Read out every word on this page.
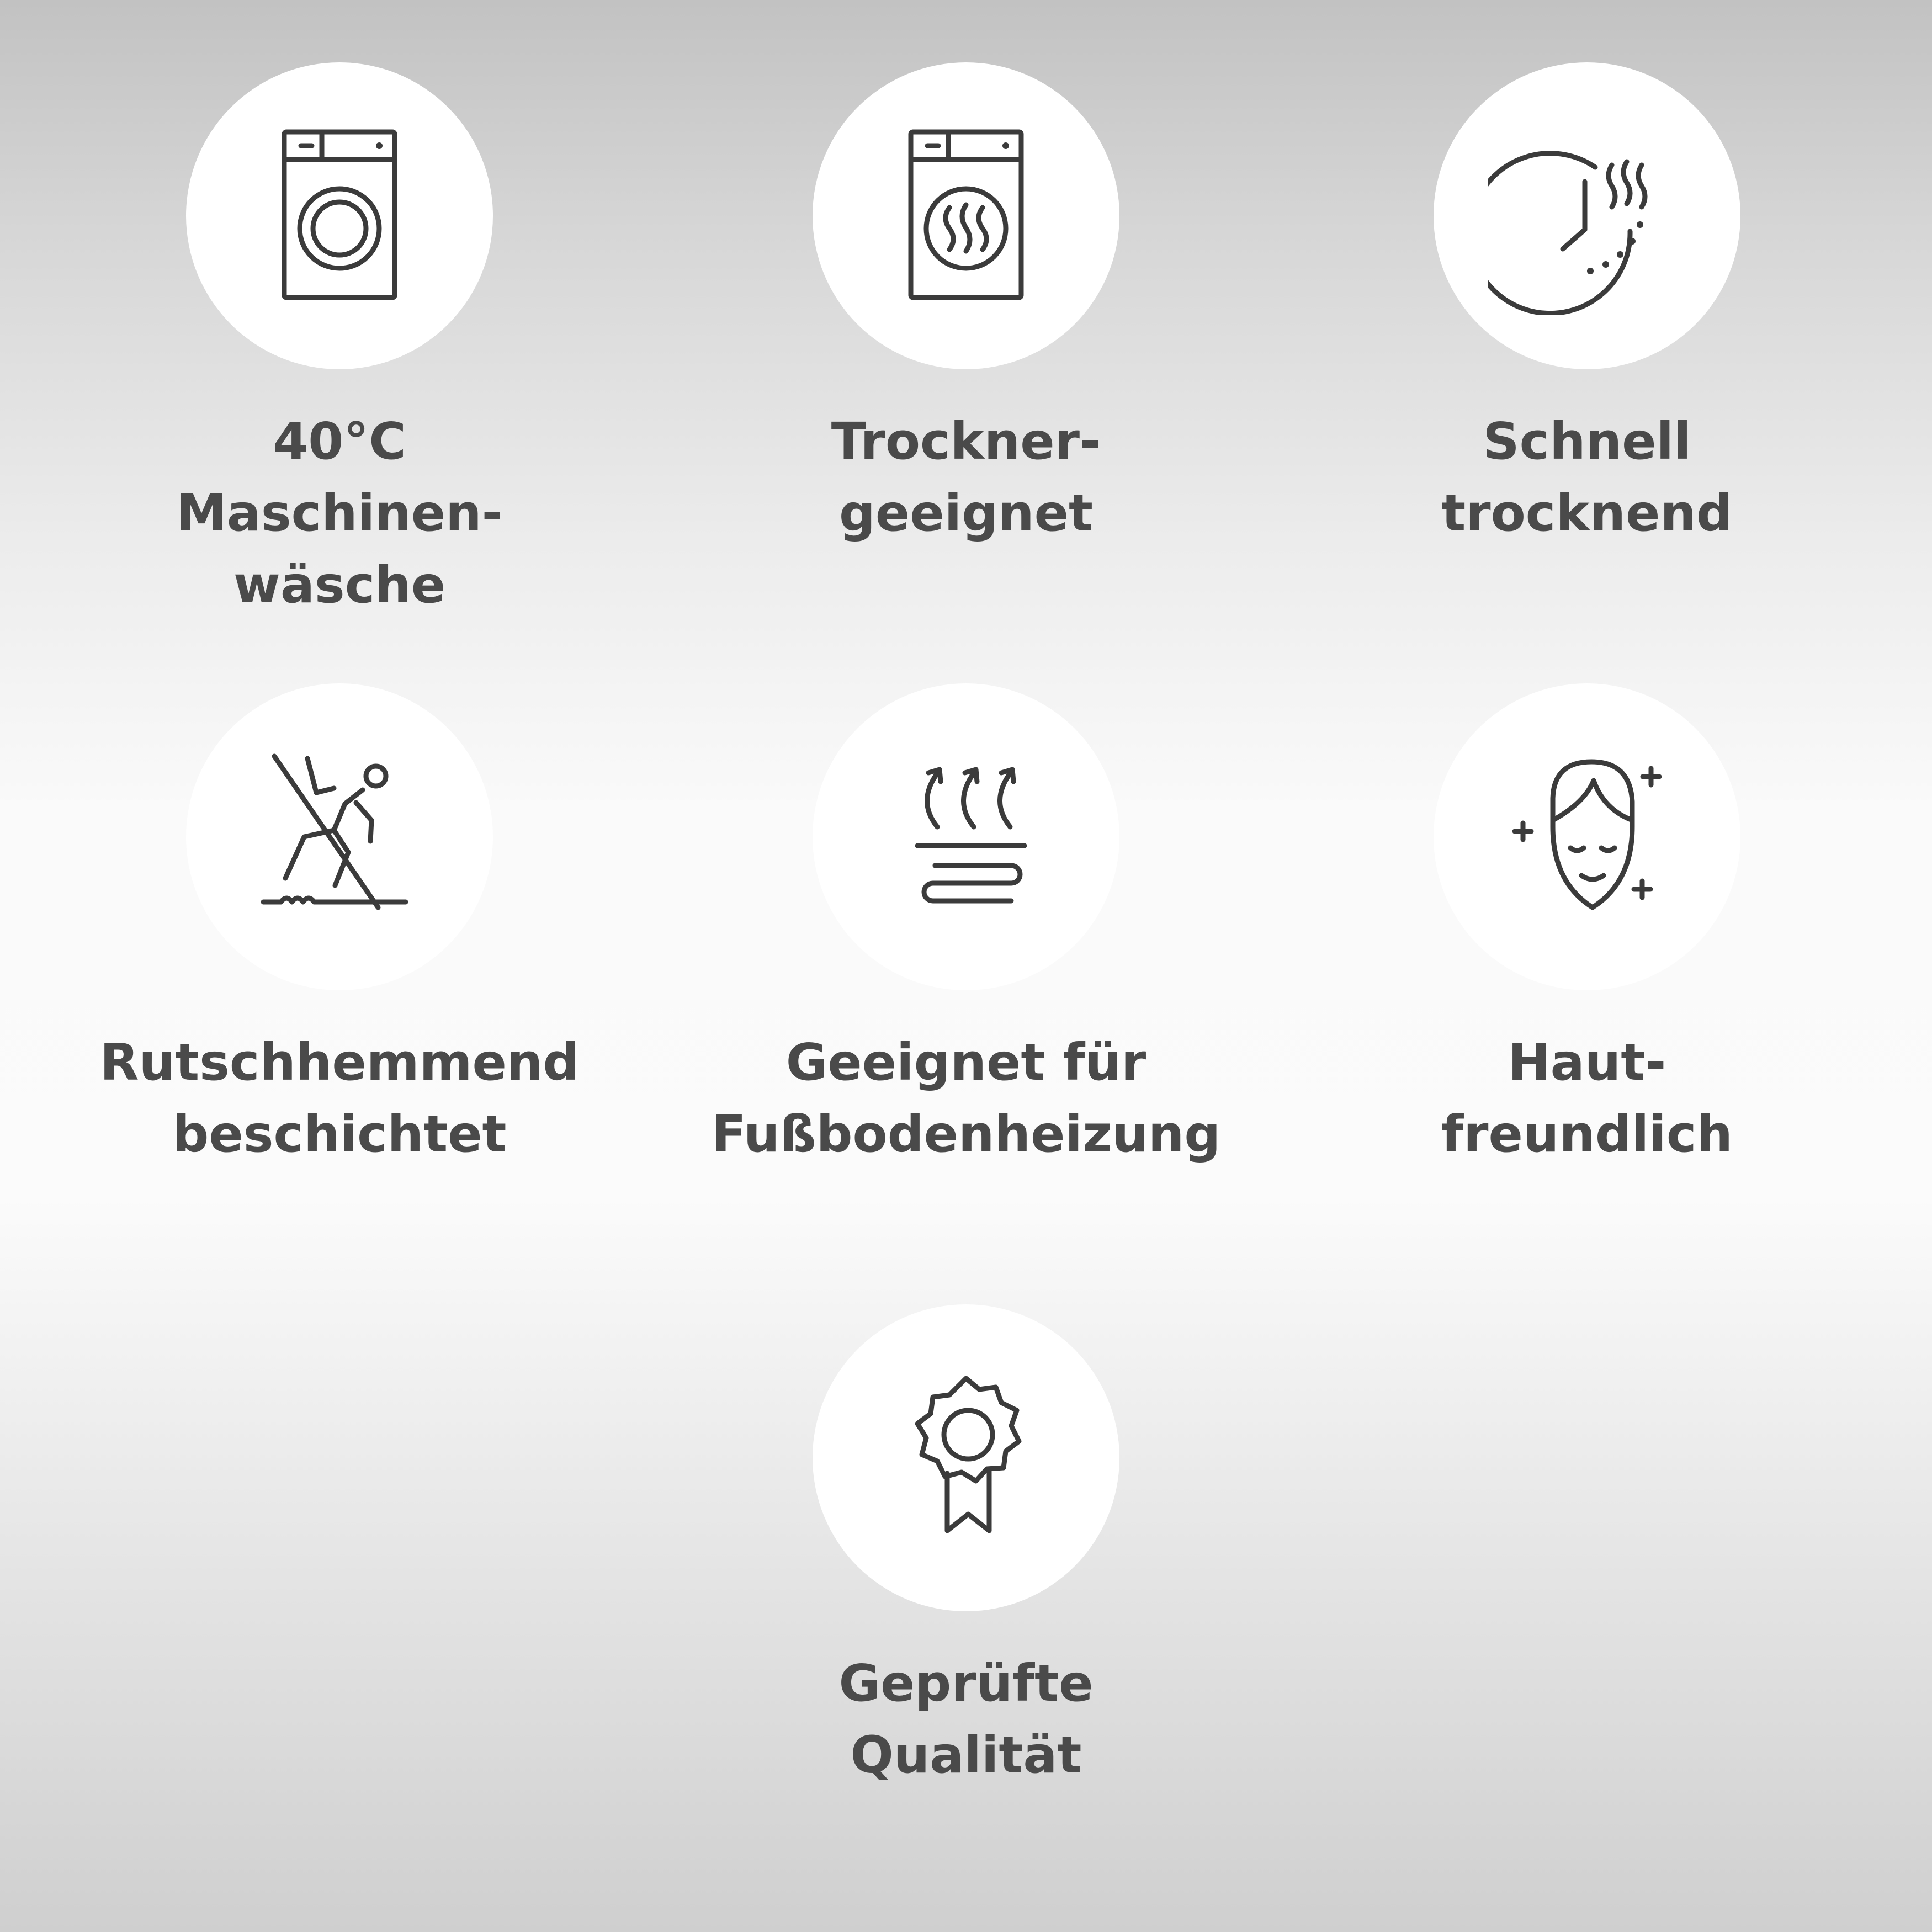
40°C
Maschinen-
wäsche
Trockner-
geeignet
Schnell
trocknend
Rutschhemmend
beschichtet
Geeignet für
Fußbodenheizung
Haut-
freundlich
Geprüfte
Qualität
